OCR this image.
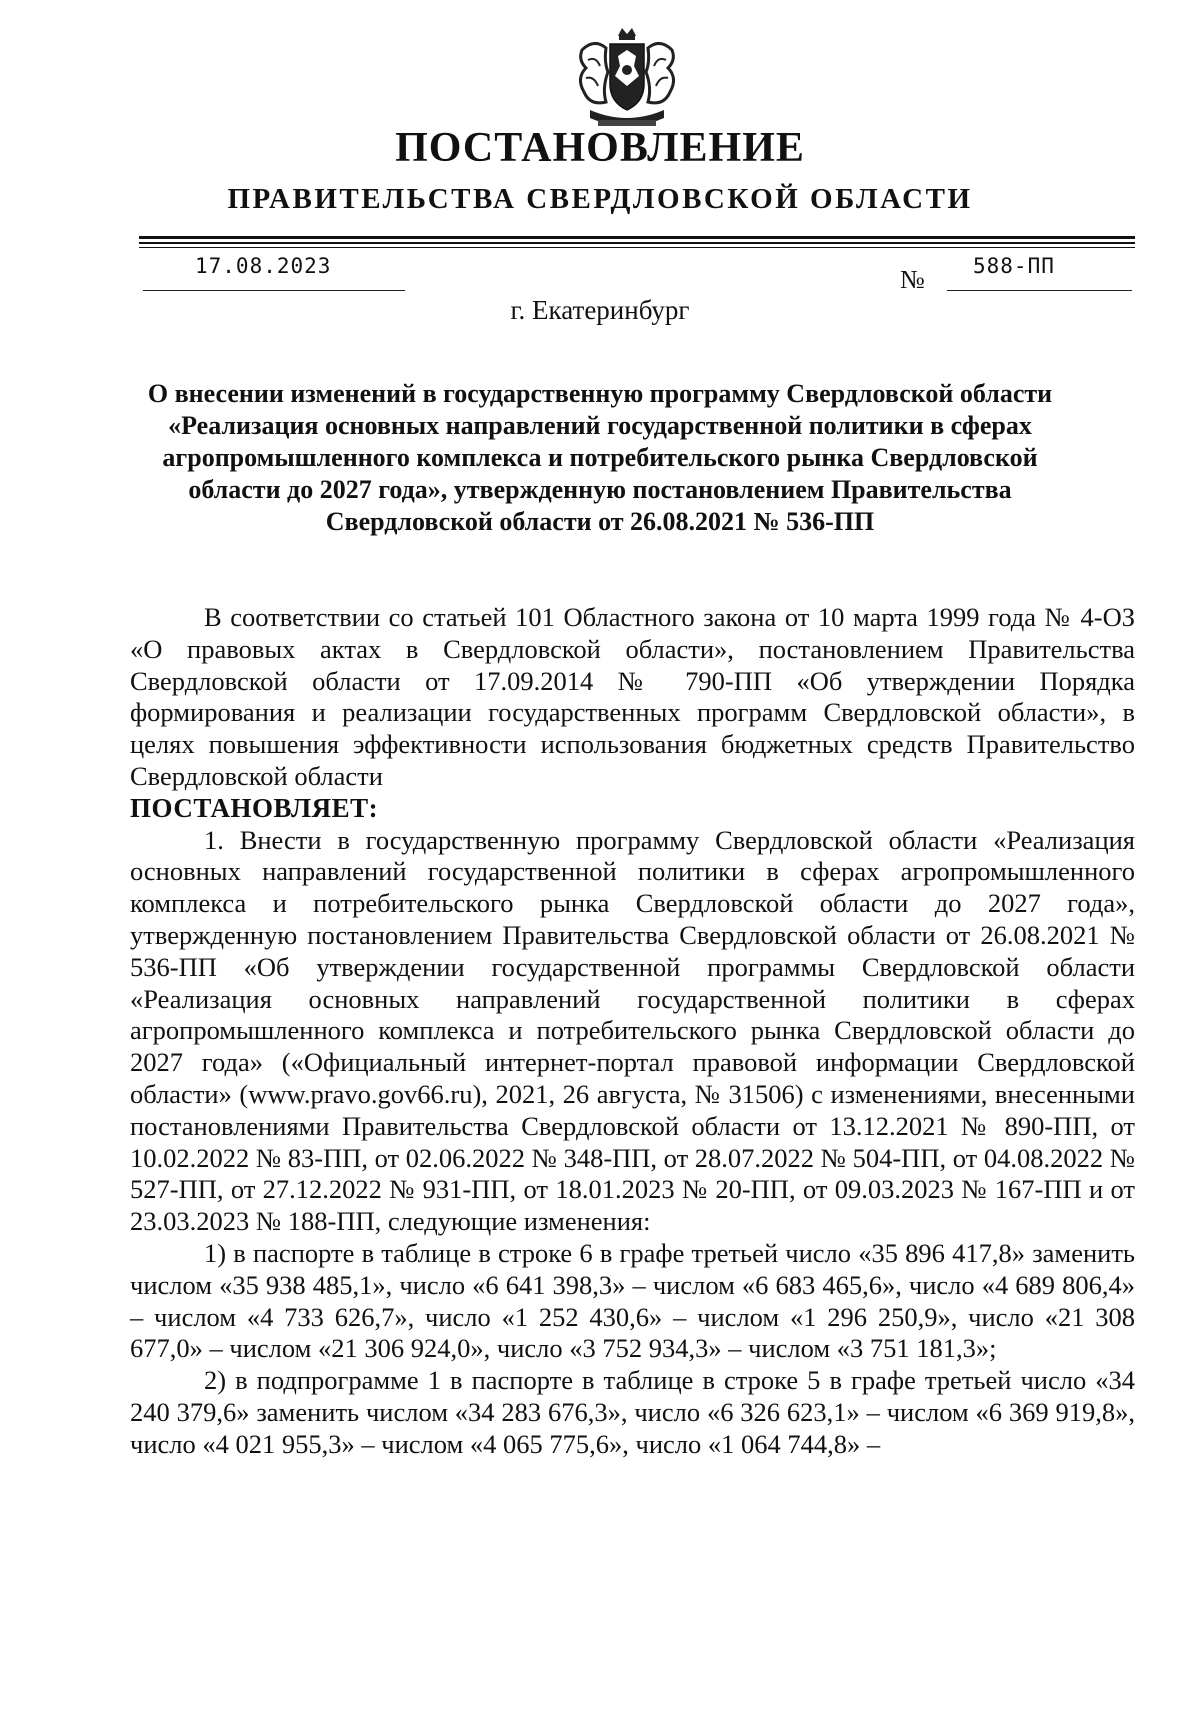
ПОСТАНОВЛЕНИЕ
ПРАВИТЕЛЬСТВА СВЕРДЛОВСКОЙ ОБЛАСТИ
17.08.2023	№ 588-ПП
г. Екатеринбург
О внесении изменений в государственную программу Свердловской области «Реализация основных направлений государственной политики в сферах агропромышленного комплекса и потребительского рынка Свердловской области до 2027 года», утвержденную постановлением Правительства Свердловской области от 26.08.2021 № 536-ПП

В соответствии со статьей 101 Областного закона от 10 марта 1999 года № 4-ОЗ «О правовых актах в Свердловской области», постановлением Правительства Свердловской области от 17.09.2014 № 790-ПП «Об утверждении Порядка формирования и реализации государственных программ Свердловской области», в целях повышения эффективности использования бюджетных средств Правительство Свердловской области

ПОСТАНОВЛЯЕТ:

1. Внести в государственную программу Свердловской области «Реализация основных направлений государственной политики в сферах агропромышленного комплекса и потребительского рынка Свердловской области до 2027 года», утвержденную постановлением Правительства Свердловской области от 26.08.2021 № 536-ПП «Об утверждении государственной программы Свердловской области «Реализация основных направлений государственной политики в сферах агропромышленного комплекса и потребительского рынка Свердловской области до 2027 года» («Официальный интернет-портал правовой информации Свердловской области» (www.pravo.gov66.ru), 2021, 26 августа, № 31506) с изменениями, внесенными постановлениями Правительства Свердловской области от 13.12.2021 № 890-ПП, от 10.02.2022 № 83-ПП, от 02.06.2022 № 348-ПП, от 28.07.2022 № 504-ПП, от 04.08.2022 № 527-ПП, от 27.12.2022 № 931-ПП, от 18.01.2023 № 20-ПП, от 09.03.2023 № 167-ПП и от 23.03.2023 № 188-ПП, следующие изменения:

1) в паспорте в таблице в строке 6 в графе третьей число «35 896 417,8» заменить числом «35 938 485,1», число «6 641 398,3» – числом «6 683 465,6», число «4 689 806,4» – числом «4 733 626,7», число «1 252 430,6» – числом «1 296 250,9», число «21 308 677,0» – числом «21 306 924,0», число «3 752 934,3» – числом «3 751 181,3»;

2) в подпрограмме 1 в паспорте в таблице в строке 5 в графе третьей число «34 240 379,6» заменить числом «34 283 676,3», число «6 326 623,1» – числом «6 369 919,8», число «4 021 955,3» – числом «4 065 775,6», число «1 064 744,8» –
